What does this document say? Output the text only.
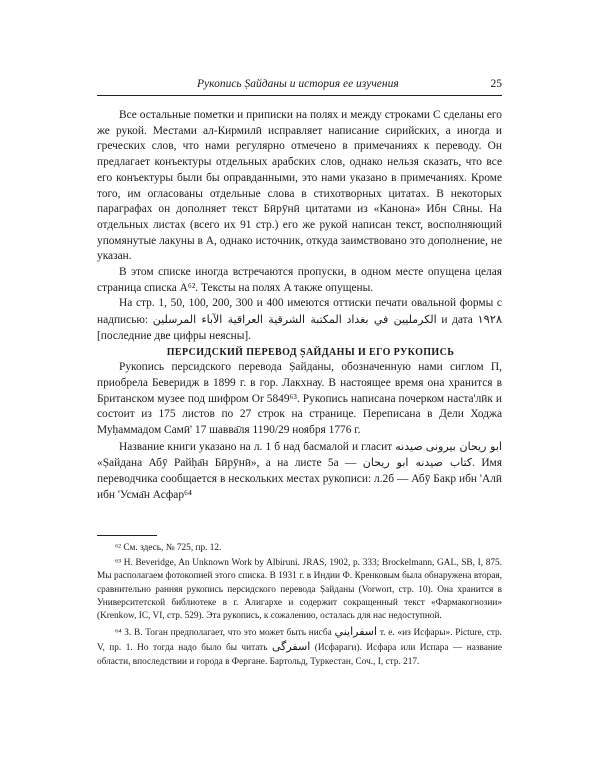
Рукопись Ṣайданы и история ее изучения	25

Все остальные пометки и приписки на полях и между строками C сделаны его же рукой. Местами ал-Кирмилӣ исправляет написание сирийских, а иногда и греческих слов, что нами регулярно отмечено в примечаниях к переводу. Он предлагает конъектуры отдельных арабских слов, однако нельзя сказать, что все его конъектуры были бы оправданными, это нами указано в примечаниях. Кроме того, им огласованы отдельные слова в стихотворных цитатах. В некоторых параграфах он дополняет текст Бӣрӯнӣ цитатами из «Канона» Ибн Сӣны. На отдельных листах (всего их 91 стр.) его же рукой написан текст, восполняющий упомянутые лакуны в A, однако источник, откуда заимствовано это дополнение, не указан.

В этом списке иногда встречаются пропуски, в одном месте опущена целая страница списка A⁶². Тексты на полях A также опущены.

На стр. 1, 50, 100, 200, 300 и 400 имеются оттиски печати овальной формы с надписью: المكتبة الشرقية العراقية الآباء المرسلين الكرمليين في بغداد и дата ١٩٢٨ [последние две цифры неясны].

ПЕРСИДСКИЙ ПЕРЕВОД ṢАЙДАНЫ И ЕГО РУКОПИСЬ

Рукопись персидского перевода Ṣайданы, обозначенную нами сиглом П, приобрела Беверидж в 1899 г. в гор. Лакхнау. В настоящее время она хранится в Британском музее под шифром Or 5849⁶³. Рукопись написана почерком наста'лӣк и состоит из 175 листов по 27 строк на странице. Переписана в Дели Ходжа Муḥаммадом Самӣ' 17 шавва̄ля 1190/29 ноября 1776 г.

Название книги указано на л. 1 б над басмалой и гласит صيدنه ابو ريحان بيرونى «Ṣайдана Абӯ Райḥа̄н Бӣрӯнӣ», а на листе 5а — كتاب صيدنه ابو ريحان. Имя переводчика сообщается в нескольких местах рукописи: л.2б — Абӯ Бакр ибн 'Алӣ ибн 'Усма̄н Асфар⁶⁴

⁶² См. здесь, № 725, пр. 12.

⁶³ H. Beveridge, An Unknown Work by Albiruni. JRAS, 1902, p. 333; Brockelmann, GAL, SB, I, 875. Мы располагаем фотокопией этого списка. В 1931 г. в Индии Ф. Кренковым была обнаружена вторая, сравнительно ранняя рукопись персидского перевода Ṣайданы (Vorwort, стр. 10). Она хранится в Университетской библиотеке в г. Алигархе и содержит сокращенный текст «Фармакогнозии» (Krenkow, IC, VI, стр. 529). Эта рукопись, к сожалению, осталась для нас недоступной.

⁶⁴ З. В. Тоган предполагает, что это может быть нисба اسفرايني т. е. «из Исфары». Picture, стр. V, пр. 1. Но тогда надо было бы читать اسفرگى (Исфараги). Исфара или Испара — название области, впоследствии и города в Фергане. Бартольд, Туркестан, Соч., I, стр. 217.
